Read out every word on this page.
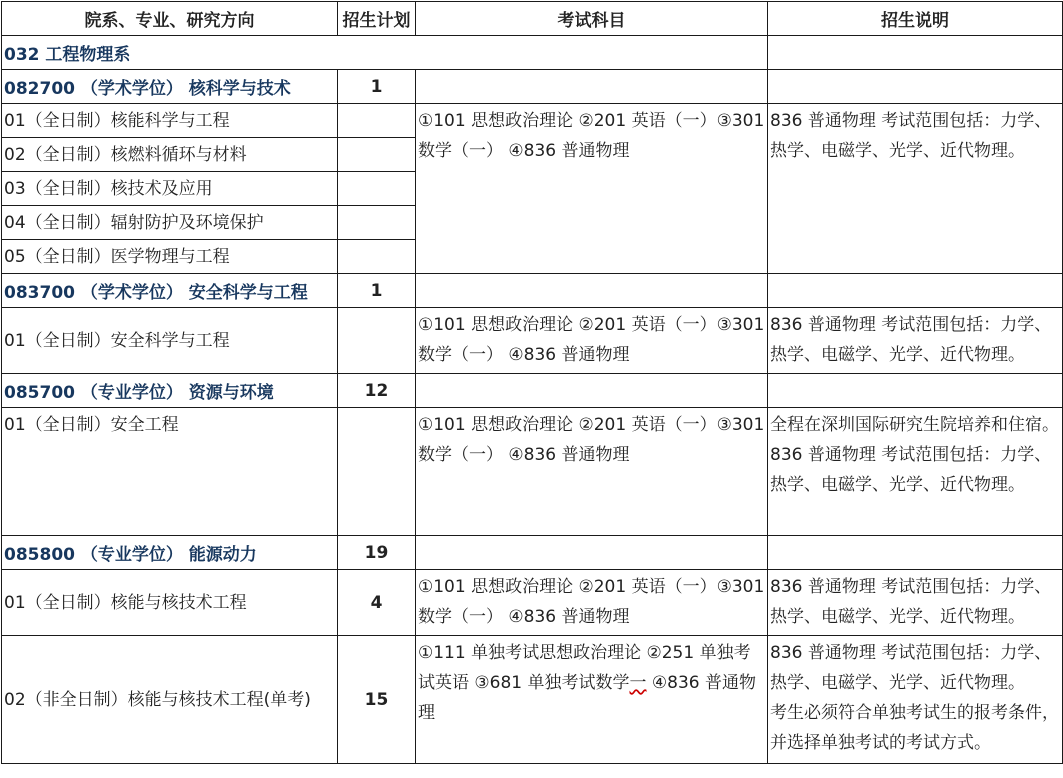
院系、专业、研究方向	招生计划	考试科目	招生说明
032 工程物理系			
082700 （学术学位） 核科学与技术	1		
01（全日制）核能科学与工程		①101 思想政治理论 ②201 英语（一）③301 数学（一） ④836 普通物理	836 普通物理 考试范围包括：力学、热学、电磁学、光学、近代物理。
02（全日制）核燃料循环与材料			
03（全日制）核技术及应用			
04（全日制）辐射防护及环境保护			
05（全日制）医学物理与工程			
083700 （学术学位） 安全科学与工程	1		
01（全日制）安全科学与工程		①101 思想政治理论 ②201 英语（一）③301 数学（一） ④836 普通物理	836 普通物理 考试范围包括：力学、热学、电磁学、光学、近代物理。
085700 （专业学位） 资源与环境	12		
01（全日制）安全工程		①101 思想政治理论 ②201 英语（一）③301 数学（一） ④836 普通物理	全程在深圳国际研究生院培养和住宿。
836 普通物理 考试范围包括：力学、热学、电磁学、光学、近代物理。

085800 （专业学位） 能源动力	19		
01（全日制）核能与核技术工程	4	①101 思想政治理论 ②201 英语（一）③301 数学（一） ④836 普通物理	836 普通物理 考试范围包括：力学、热学、电磁学、光学、近代物理。
02（非全日制）核能与核技术工程(单考)	15	①111 单独考试思想政治理论 ②251 单独考试英语 ③681 单独考试数学一 ④836 普通物理	836 普通物理 考试范围包括：力学、热学、电磁学、光学、近代物理。
考生必须符合单独考试生的报考条件，并选择单独考试的考试方式。
